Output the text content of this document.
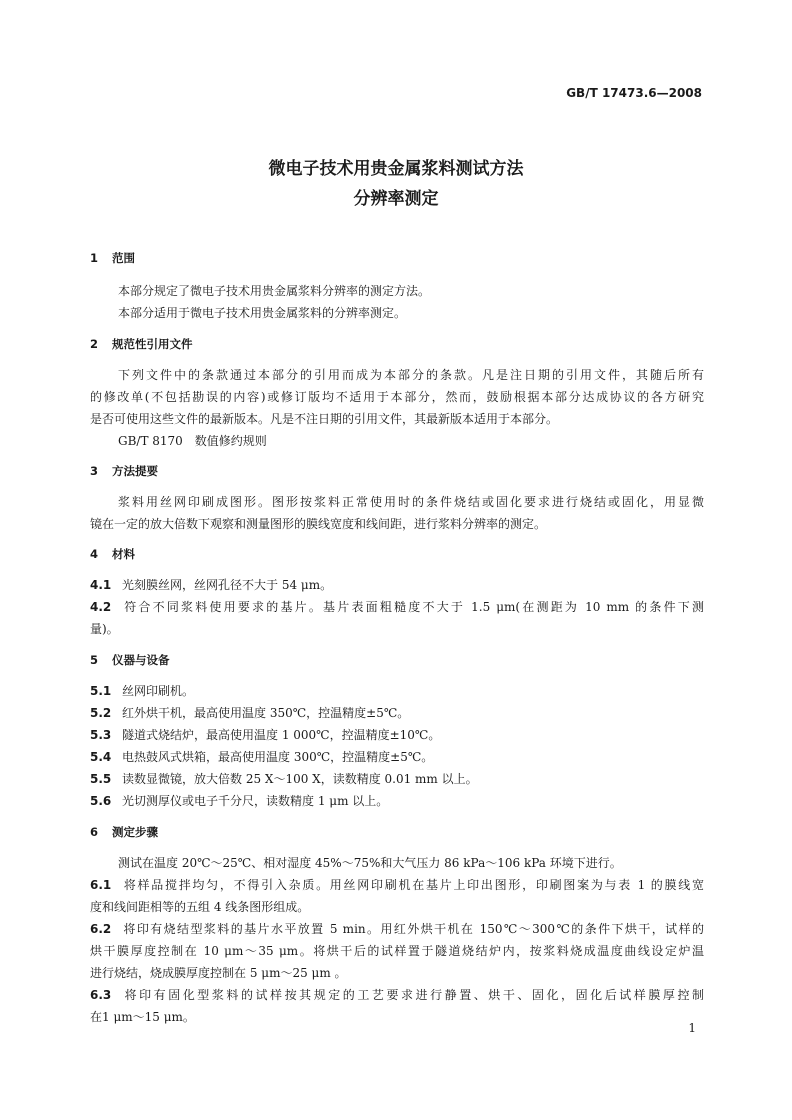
GB/T 17473.6—2008
微电子技术用贵金属浆料测试方法
分辨率测定
1 范围
本部分规定了微电子技术用贵金属浆料分辨率的测定方法。
本部分适用于微电子技术用贵金属浆料的分辨率测定。
2 规范性引用文件
下列文件中的条款通过本部分的引用而成为本部分的条款。凡是注日期的引用文件，其随后所有
的修改单(不包括勘误的内容)或修订版均不适用于本部分，然而，鼓励根据本部分达成协议的各方研究
是否可使用这些文件的最新版本。凡是不注日期的引用文件，其最新版本适用于本部分。
GB/T 8170　数值修约规则
3 方法提要
浆料用丝网印刷成图形。图形按浆料正常使用时的条件烧结或固化要求进行烧结或固化，用显微
镜在一定的放大倍数下观察和测量图形的膜线宽度和线间距，进行浆料分辨率的测定。
4 材料
4.1 光刻膜丝网，丝网孔径不大于 54 μm。
4.2 符合不同浆料使用要求的基片。基片表面粗糙度不大于 1.5 μm(在测距为 10 mm 的条件下测
量)。
5 仪器与设备
5.1 丝网印刷机。
5.2 红外烘干机，最高使用温度 350℃，控温精度±5℃。
5.3 隧道式烧结炉，最高使用温度 1 000℃，控温精度±10℃。
5.4 电热鼓风式烘箱，最高使用温度 300℃，控温精度±5℃。
5.5 读数显微镜，放大倍数 25 X～100 X，读数精度 0.01 mm 以上。
5.6 光切测厚仪或电子千分尺，读数精度 1 μm 以上。
6 测定步骤
测试在温度 20℃～25℃、相对湿度 45%～75%和大气压力 86 kPa～106 kPa 环境下进行。
6.1 将样品搅拌均匀，不得引入杂质。用丝网印刷机在基片上印出图形，印刷图案为与表 1 的膜线宽
度和线间距相等的五组 4 线条图形组成。
6.2 将印有烧结型浆料的基片水平放置 5 min。用红外烘干机在 150℃～300℃的条件下烘干，试样的
烘干膜厚度控制在 10 μm～35 μm。将烘干后的试样置于隧道烧结炉内，按浆料烧成温度曲线设定炉温
进行烧结，烧成膜厚度控制在 5 μm～25 μm 。
6.3 将印有固化型浆料的试样按其规定的工艺要求进行静置、烘干、固化，固化后试样膜厚控制
在1 μm～15 μm。
1
